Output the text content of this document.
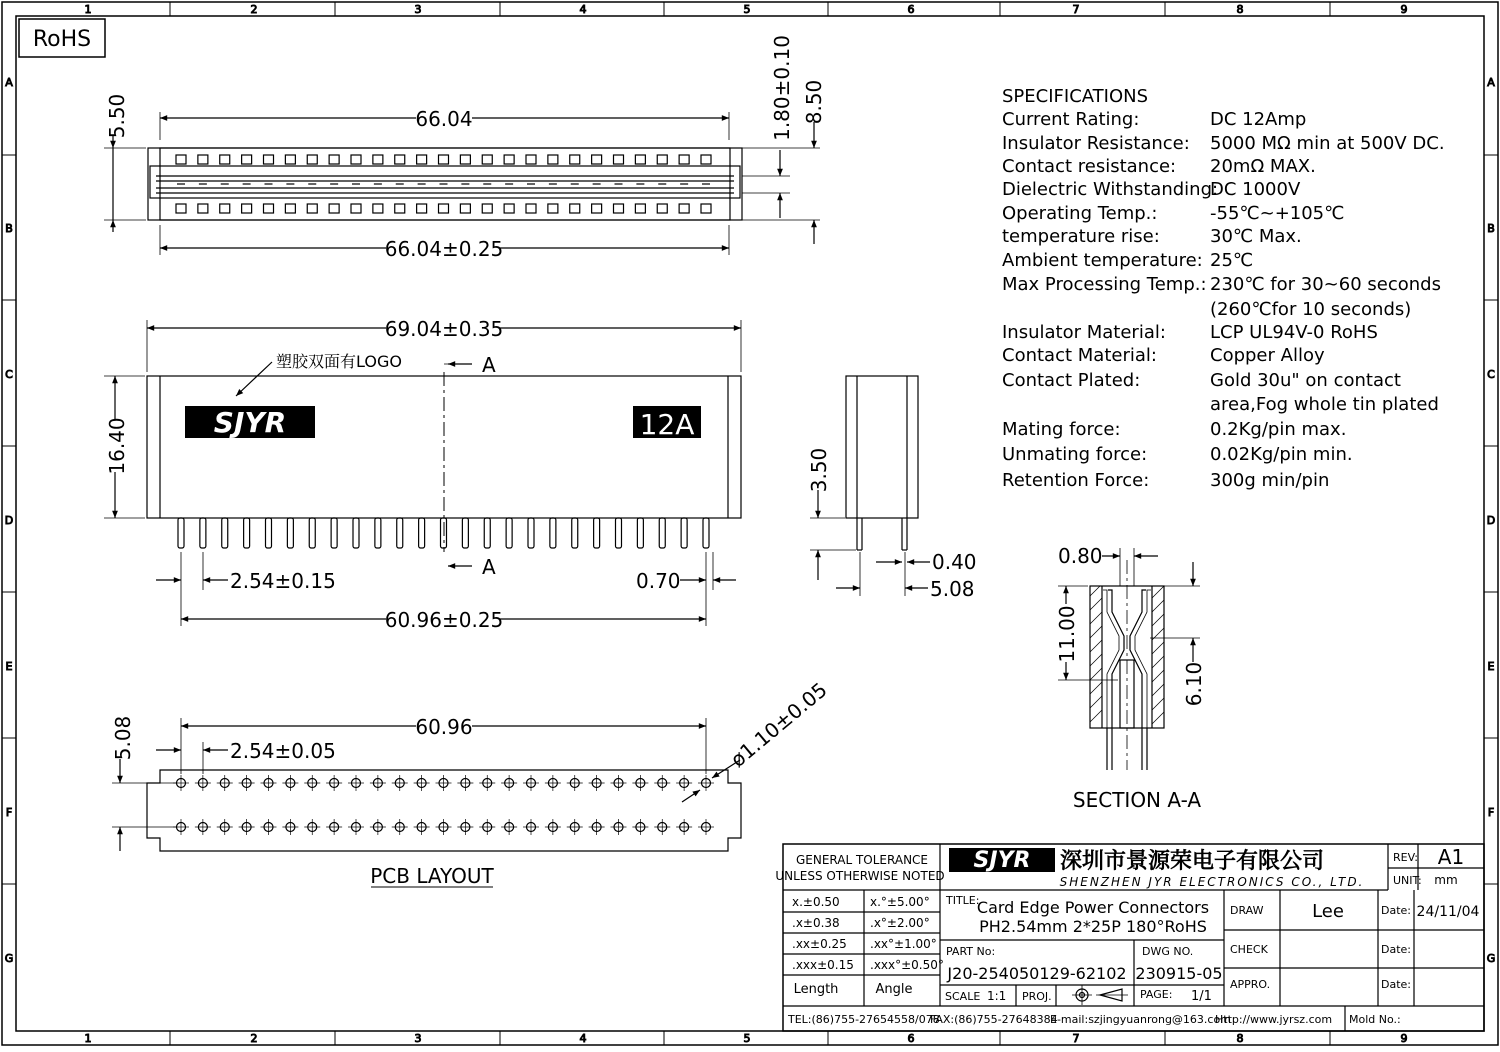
1
1
2
2
3
3
4
4
5
5
6
6
7
7
8
8
9
9
A	A
B	B
C	C
D	D
E	E
F	F
G	G
RoHS
66.04
66.04±0.25
5.50	1.80±0.10 8.50
SJYR	12A
69.04±0.35
塑胶双面有LOGO	A
A
16.40
2.54±0.15	0.70
60.96±0.25
3.50
0.40
5.08
0.80
11.00
6.10
SECTION A-A
60.96
2.54±0.05
5.08	ø1.10±0.05
PCB LAYOUT
SPECIFICATIONS
Current Rating:	DC 12Amp
Insulator Resistance: 5000 MΩ min at 500V DC.
Contact resistance: 20mΩ MAX.
Dielectric Withstanding:
DC 1000V
Operating Temp.:	-55℃~+105℃
temperature rise:	30℃ Max.
Ambient temperature: 25℃
Max Processing Temp.: 230℃ for 30~60 seconds
(260℃for 10 seconds)
Insulator Material: LCP UL94V-0 RoHS
Contact Material:	Copper Alloy
Contact Plated:	Gold 30u" on contact
area,Fog whole tin plated
Mating force:	0.2Kg/pin max.
Unmating force:	0.02Kg/pin min.
Retention Force:	300g min/pin
SJYR 深圳市景源荣电子有限公司
SHENZHEN JYR ELECTRONICS CO., LTD.
GENERAL TOLERANCE
UNLESS OTHERWISE NOTED
x.±0.50	x.°±5.00°
.x±0.38	.x°±2.00°
.xx±0.25 .xx°±1.00°
.xxx±0.15 .xxx°±0.50°
Length	Angle
TITLE:
Card Edge Power Connectors
PH2.54mm 2*25P 180°RoHS
PART No:
J20-254050129-62102
DWG NO.
230915-05
SCALE 1:1 PROJ.	PAGE: 1/1
REV: A1
UNIT: mm
DRAW	Lee	Date: 24/11/04
CHECK	Date:
APPRO.	Date:
TEL:(86)755-27654558/078
FAX:(86)755-27648384
E-mail:szjingyuanrong@163.com
Http://www.jyrsz.com Mold No.:
